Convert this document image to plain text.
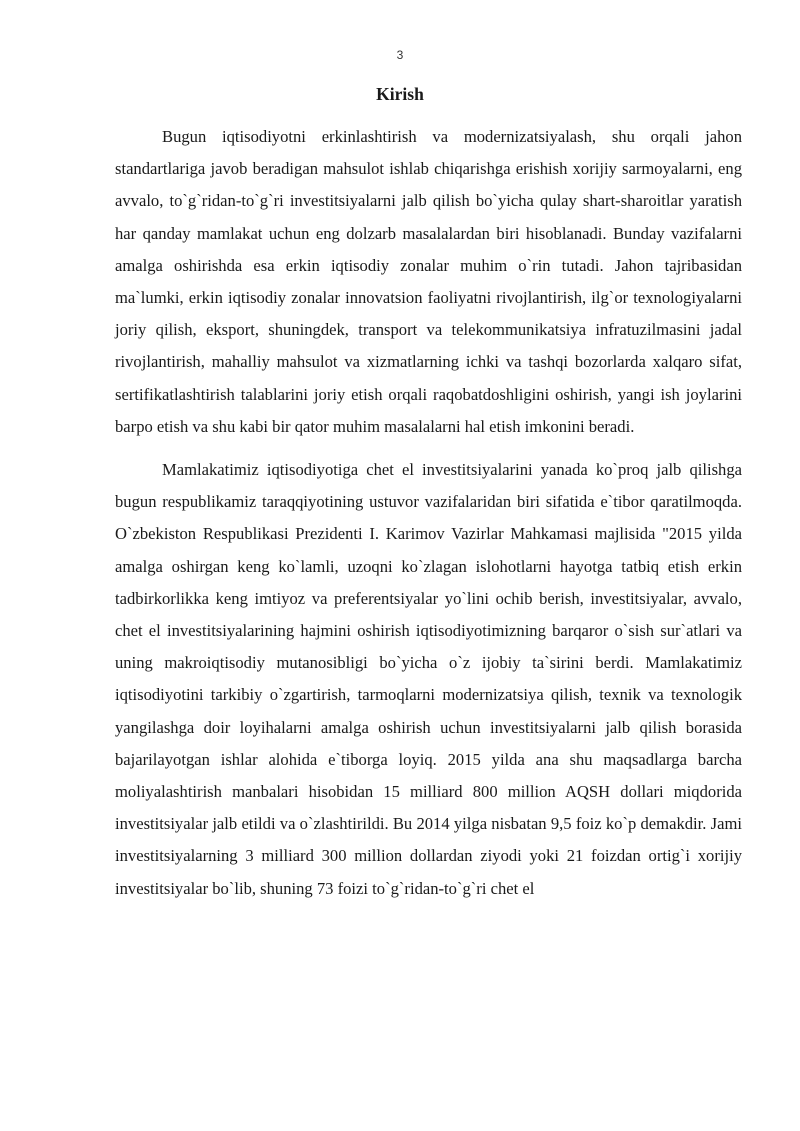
3
Kirish

Bugun iqtisodiyotni erkinlashtirish va modernizatsiyalash, shu orqali jahon standartlariga javob beradigan mahsulot ishlab chiqarishga erishish xorijiy sarmoyalarni, eng avvalo, to`g`ridan-to`g`ri investitsiyalarni jalb qilish bo`yicha qulay shart-sharoitlar yaratish har qanday mamlakat uchun eng dolzarb masalalardan biri hisoblanadi. Bunday vazifalarni amalga oshirishda esa erkin iqtisodiy zonalar muhim o`rin tutadi. Jahon tajribasidan ma`lumki, erkin iqtisodiy zonalar innovatsion faoliyatni rivojlantirish, ilg`or texnologiyalarni joriy qilish, eksport, shuningdek, transport va telekommunikatsiya infratuzilmasini jadal rivojlantirish, mahalliy mahsulot va xizmatlarning ichki va tashqi bozorlarda xalqaro sifat, sertifikatlashtirish talablarini joriy etish orqali raqobatdoshligini oshirish, yangi ish joylarini barpo etish va shu kabi bir qator muhim masalalarni hal etish imkonini beradi.

Mamlakatimiz iqtisodiyotiga chet el investitsiyalarini yanada ko`proq jalb qilishga bugun respublikamiz taraqqiyotining ustuvor vazifalaridan biri sifatida e`tibor qaratilmoqda. O`zbekiston Respublikasi Prezidenti I. Karimov Vazirlar Mahkamasi majlisida "2015 yilda amalga oshirgan keng ko`lamli, uzoqni ko`zlagan islohotlarni hayotga tatbiq etish erkin tadbirkorlikka keng imtiyoz va preferentsiyalar yo`lini ochib berish, investitsiyalar, avvalo, chet el investitsiyalarining hajmini oshirish iqtisodiyotimizning barqaror o`sish sur`atlari va uning makroiqtisodiy mutanosibligi bo`yicha o`z ijobiy ta`sirini berdi. Mamlakatimiz iqtisodiyotini tarkibiy o`zgartirish, tarmoqlarni modernizatsiya qilish, texnik va texnologik yangilashga doir loyihalarni amalga oshirish uchun investitsiyalarni jalb qilish borasida bajarilayotgan ishlar alohida e`tiborga loyiq. 2015 yilda ana shu maqsadlarga barcha moliyalashtirish manbalari hisobidan 15 milliard 800 million AQSH dollari miqdorida investitsiyalar jalb etildi va o`zlashtirildi. Bu 2014 yilga nisbatan 9,5 foiz ko`p demakdir. Jami investitsiyalarning 3 milliard 300 million dollardan ziyodi yoki 21 foizdan ortig`i xorijiy investitsiyalar bo`lib, shuning 73 foizi to`g`ridan-to`g`ri chet el
